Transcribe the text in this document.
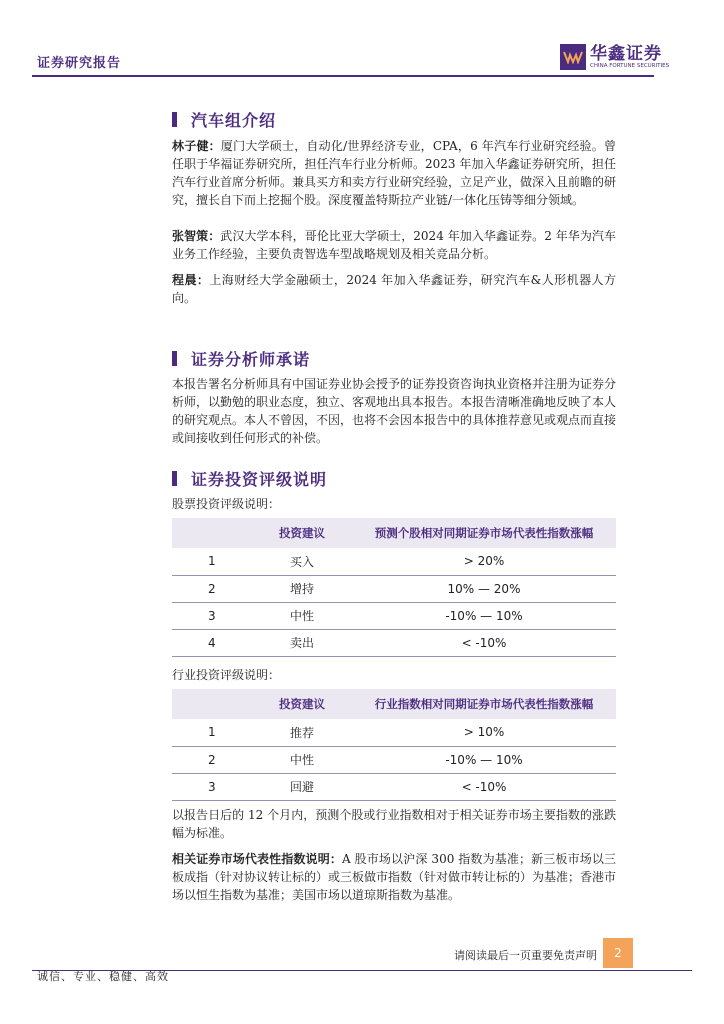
证券研究报告	华鑫证券
CHINA FORTUNE SECURITIES
汽车组介绍
林子健：厦门大学硕士，自动化/世界经济专业，CPA，6 年汽车行业研究经验。曾任职于华福证券研究所，担任汽车行业分析师。2023 年加入华鑫证券研究所，担任汽车行业首席分析师。兼具买方和卖方行业研究经验，立足产业，做深入且前瞻的研究，擅长自下而上挖掘个股。深度覆盖特斯拉产业链/一体化压铸等细分领域。
张智策：武汉大学本科，哥伦比亚大学硕士，2024 年加入华鑫证券。2 年华为汽车业务工作经验，主要负责智选车型战略规划及相关竞品分析。
程晨：上海财经大学金融硕士，2024 年加入华鑫证券，研究汽车&人形机器人方向。
证券分析师承诺
本报告署名分析师具有中国证券业协会授予的证券投资咨询执业资格并注册为证券分析师，以勤勉的职业态度，独立、客观地出具本报告。本报告清晰准确地反映了本人的研究观点。本人不曾因，不因，也将不会因本报告中的具体推荐意见或观点而直接或间接收到任何形式的补偿。
证券投资评级说明
股票投资评级说明：
	投资建议	预测个股相对同期证券市场代表性指数涨幅
1	买入	> 20%
2	增持	10% — 20%
3	中性	-10% — 10%
4	卖出	< -10%
行业投资评级说明：
	投资建议	行业指数相对同期证券市场代表性指数涨幅
1	推荐	> 10%
2	中性	-10% — 10%
3	回避	< -10%
以报告日后的 12 个月内，预测个股或行业指数相对于相关证券市场主要指数的涨跌幅为标准。
相关证券市场代表性指数说明：A 股市场以沪深 300 指数为基准；新三板市场以三板成指（针对协议转让标的）或三板做市指数（针对做市转让标的）为基准；香港市场以恒生指数为基准；美国市场以道琼斯指数为基准。
请阅读最后一页重要免责声明	2
诚信、专业、稳健、高效
